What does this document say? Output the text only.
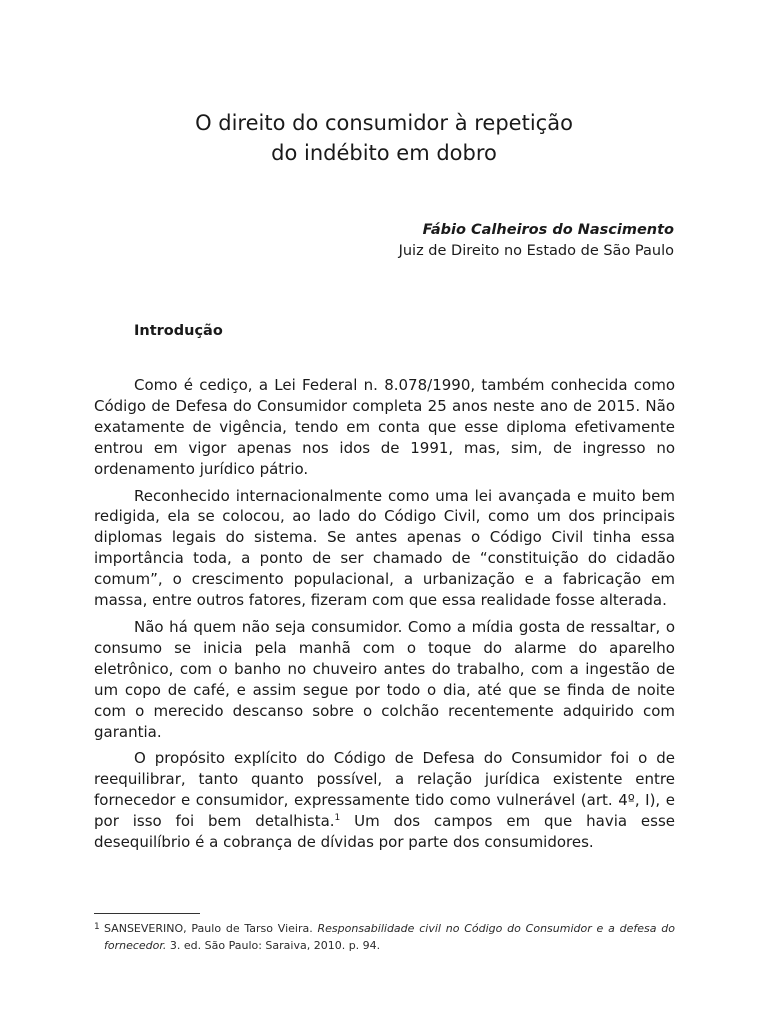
O direito do consumidor à repetição
do indébito em dobro
Fábio Calheiros do Nascimento
Juiz de Direito no Estado de São Paulo
Introdução

Como é cediço, a Lei Federal n. 8.078/1990, também conhecida como Código de Defesa do Consumidor completa 25 anos neste ano de 2015. Não exatamente de vigência, tendo em conta que esse diploma efetivamente entrou em vigor apenas nos idos de 1991, mas, sim, de ingresso no ordenamento jurídico pátrio.

Reconhecido internacionalmente como uma lei avançada e muito bem redigida, ela se colocou, ao lado do Código Civil, como um dos principais diplomas legais do sistema. Se antes apenas o Código Civil tinha essa importância toda, a ponto de ser chamado de “constituição do cidadão comum”, o crescimento populacional, a urbanização e a fabricação em massa, entre outros fatores, fizeram com que essa realidade fosse alterada.

Não há quem não seja consumidor. Como a mídia gosta de ressaltar, o consumo se inicia pela manhã com o toque do alarme do aparelho eletrônico, com o banho no chuveiro antes do trabalho, com a ingestão de um copo de café, e assim segue por todo o dia, até que se finda de noite com o merecido descanso sobre o colchão recentemente adquirido com garantia.

O propósito explícito do Código de Defesa do Consumidor foi o de reequilibrar, tanto quanto possível, a relação jurídica existente entre fornecedor e consumidor, expressamente tido como vulnerável (art. 4º, I), e por isso foi bem detalhista.$^1$ Um dos campos em que havia esse desequilíbrio é a cobrança de dívidas por parte dos consumidores.

1 SANSEVERINO, Paulo de Tarso Vieira. Responsabilidade civil no Código do Consumidor e a defesa do fornecedor. 3. ed. São Paulo: Saraiva, 2010. p. 94.
